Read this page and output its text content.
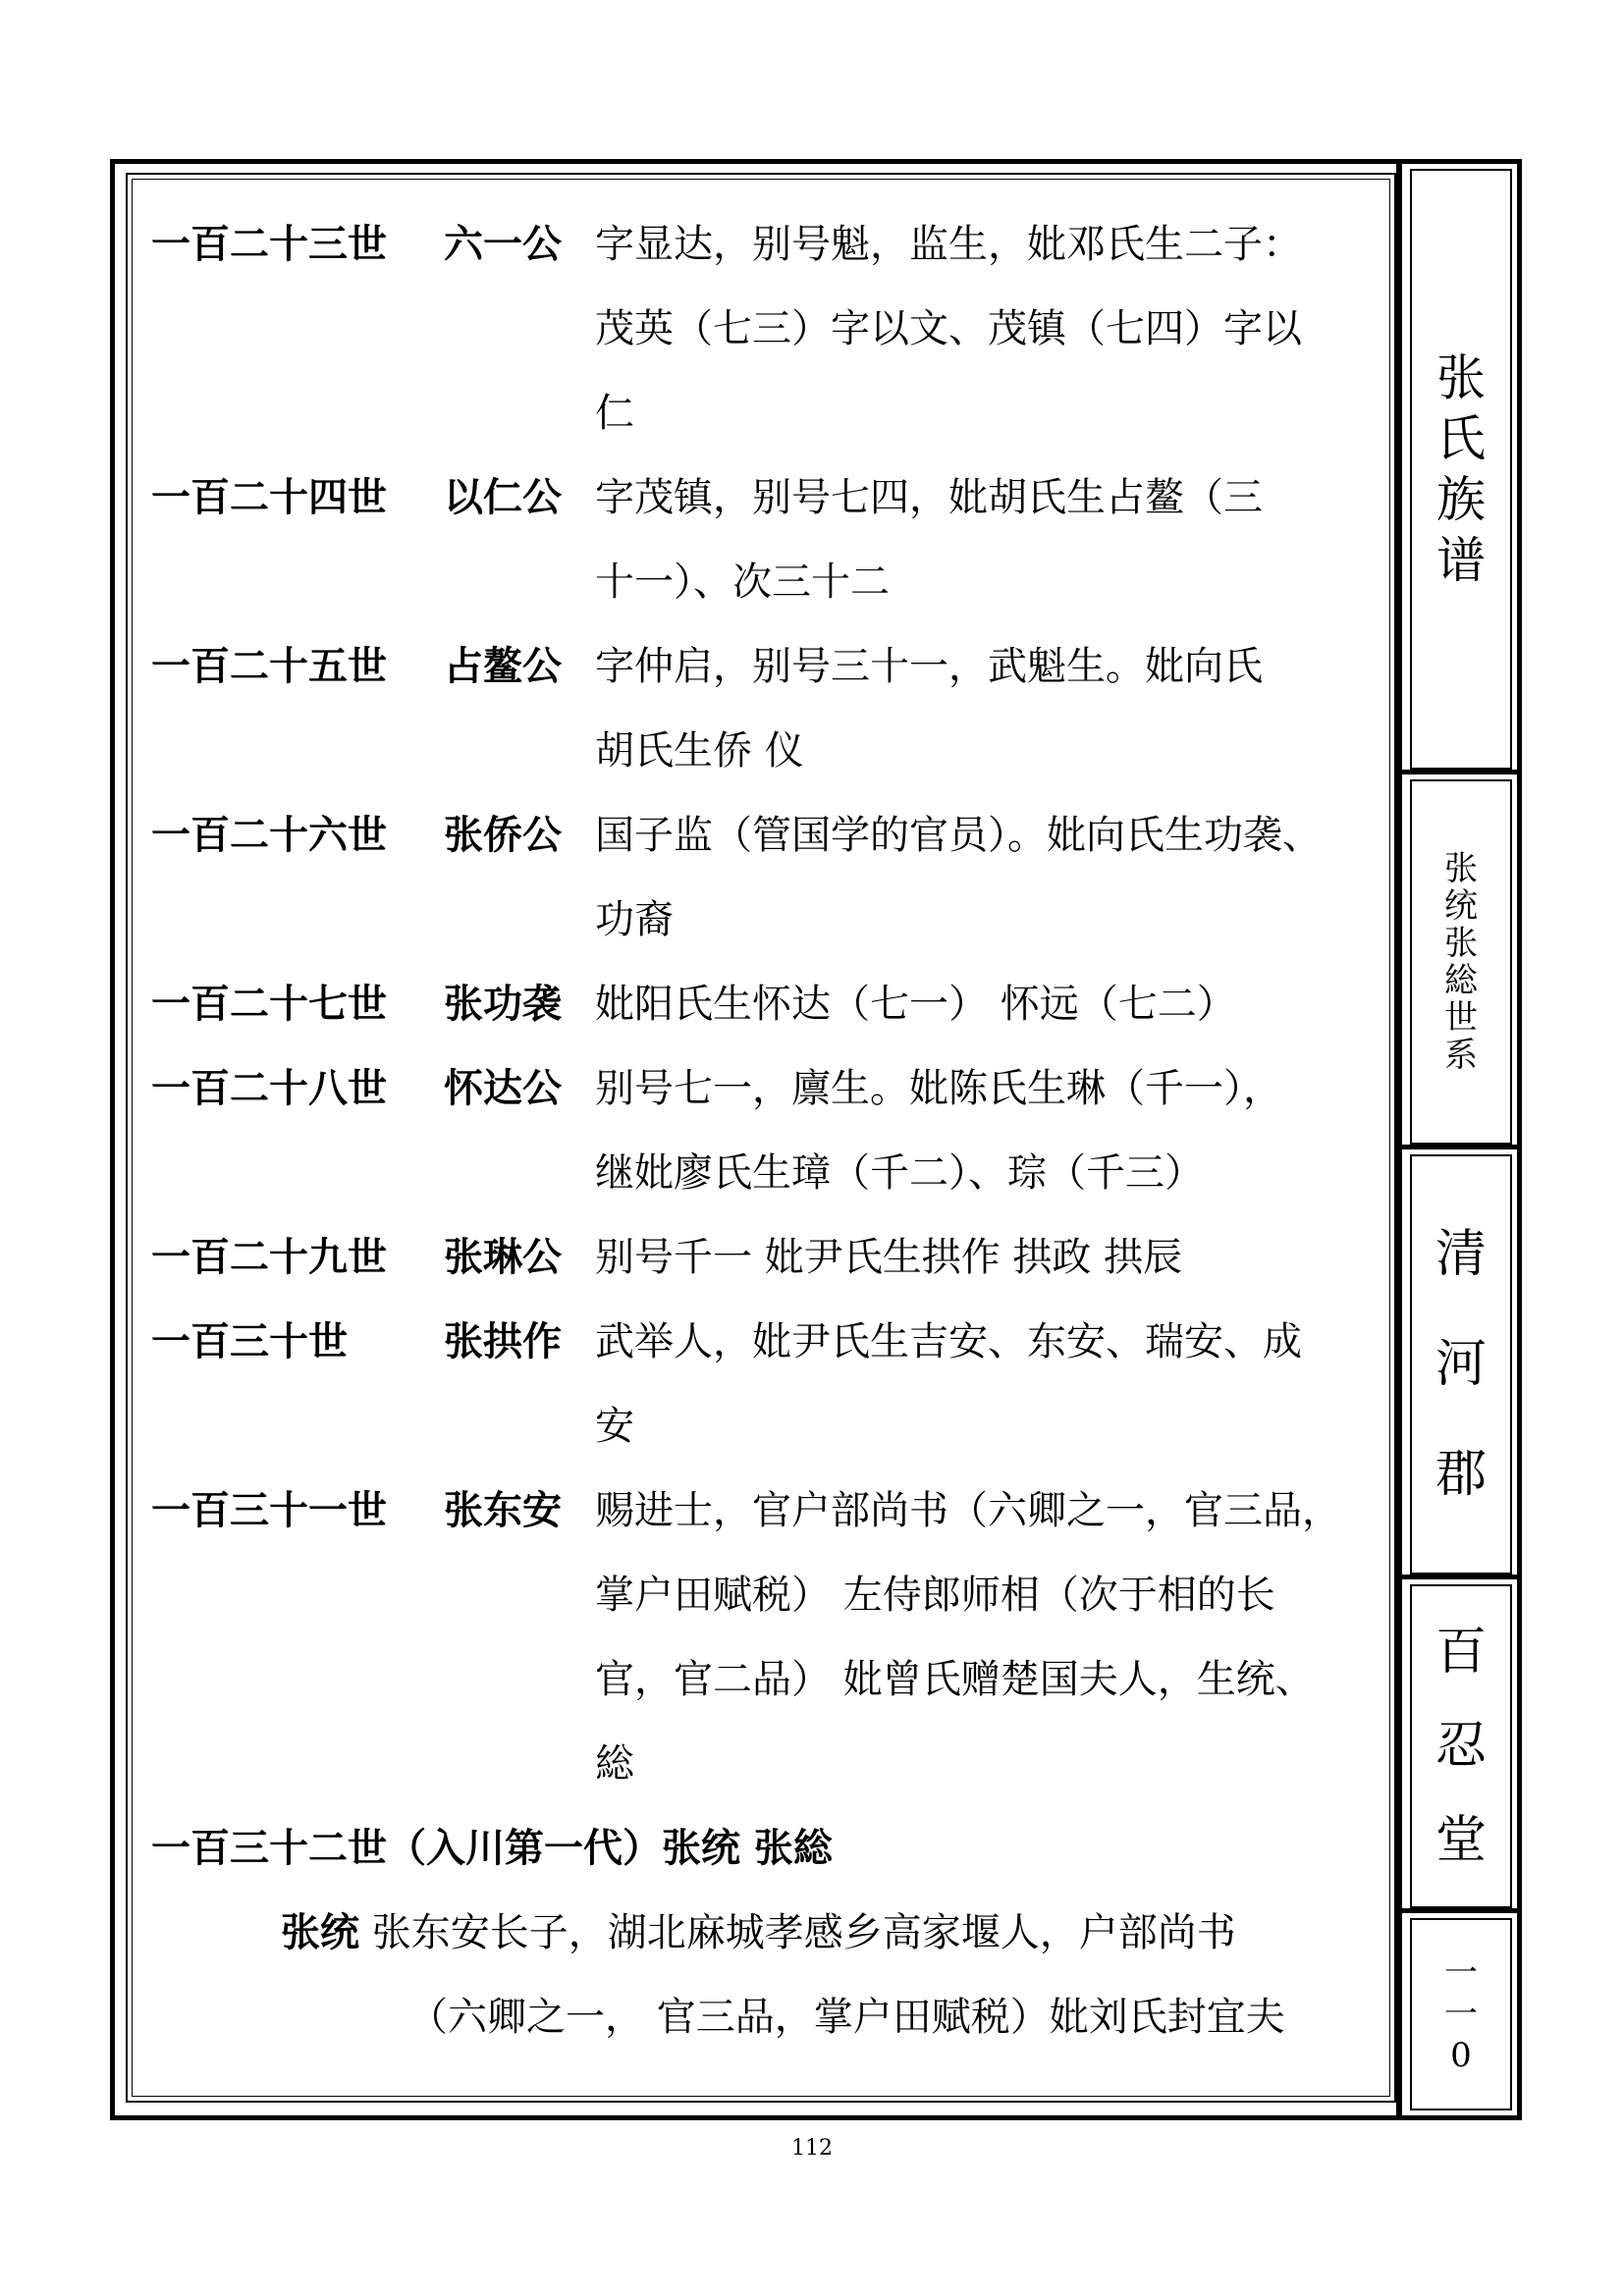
张
氏
族
谱
张
统
张
総
世
系
清
河
郡
百
忍
堂
一
一
0
一百二十三世 六一公 字显达，别号魁，监生，妣邓氏生二子：
茂英（七三）字以文、茂镇（七四）字以
仁
一百二十四世 以仁公 字茂镇，别号七四，妣胡氏生占鳌（三
十一）、次三十二
一百二十五世 占鳌公 字仲启，别号三十一，武魁生。妣向氏
胡氏生侨 仪
一百二十六世 张侨公 国子监（管国学的官员）。妣向氏生功袭、
功裔
一百二十七世 张功袭 妣阳氏生怀达（七一） 怀远（七二）
一百二十八世 怀达公 别号七一，廪生。妣陈氏生琳（千一），
继妣廖氏生璋（千二）、琮（千三）
一百二十九世 张琳公 别号千一 妣尹氏生拱作 拱政 拱辰
一百三十世 张拱作 武举人，妣尹氏生吉安、东安、瑞安、成
安
一百三十一世 张东安 赐进士，官户部尚书（六卿之一，官三品，
掌户田赋税） 左侍郎师相（次于相的长
官，官二品） 妣曾氏赠楚国夫人，生统、
総
一百三十二世（入川第一代）张统 张総
张统 张东安长子，湖北麻城孝感乡高家堰人，户部尚书
（六卿之一， 官三品，掌户田赋税）妣刘氏封宜夫
112
